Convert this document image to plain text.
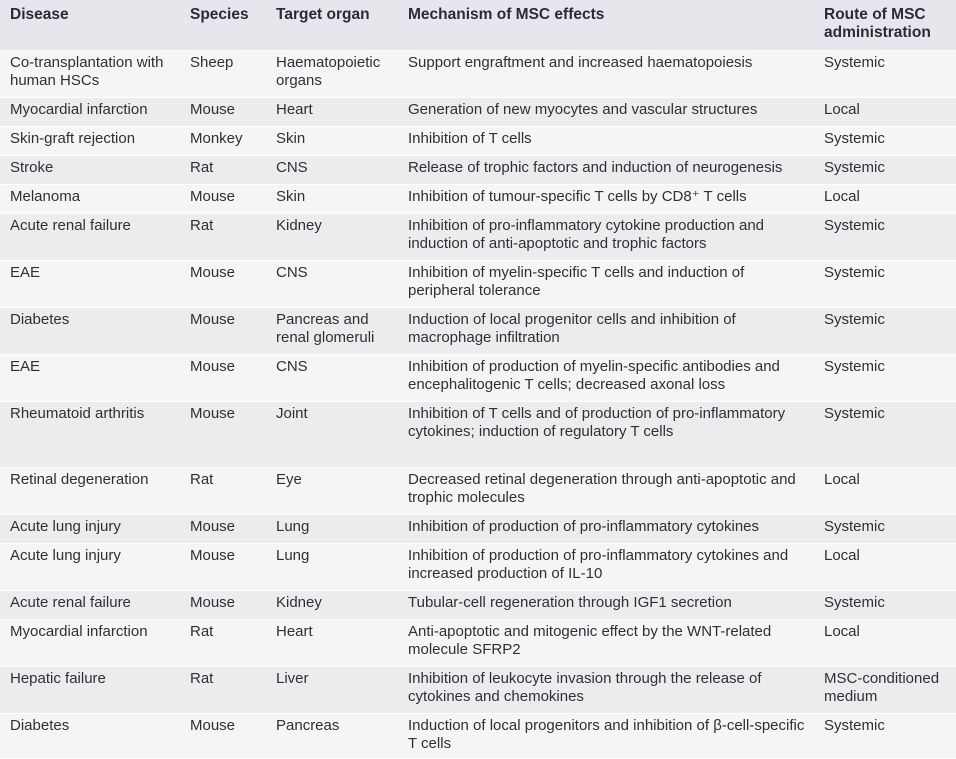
Disease	Species	Target organ	Mechanism of MSC effects	Route of MSC administration
Co-transplantation with human HSCs	Sheep	Haematopoietic organs	Support engraftment and increased haematopoiesis	Systemic
Myocardial infarction	Mouse	Heart	Generation of new myocytes and vascular structures	Local
Skin-graft rejection	Monkey	Skin	Inhibition of T cells	Systemic
Stroke	Rat	CNS	Release of trophic factors and induction of neurogenesis	Systemic
Melanoma	Mouse	Skin	Inhibition of tumour-specific T cells by CD8⁺ T cells	Local
Acute renal failure	Rat	Kidney	Inhibition of pro-inflammatory cytokine production and induction of anti-apoptotic and trophic factors	Systemic
EAE	Mouse	CNS	Inhibition of myelin-specific T cells and induction of peripheral tolerance	Systemic
Diabetes	Mouse	Pancreas and renal glomeruli	Induction of local progenitor cells and inhibition of macrophage infiltration	Systemic
EAE	Mouse	CNS	Inhibition of production of myelin-specific antibodies and encephalitogenic T cells; decreased axonal loss	Systemic
Rheumatoid arthritis	Mouse	Joint	Inhibition of T cells and of production of pro-inflammatory cytokines; induction of regulatory T cells	Systemic
Retinal degeneration	Rat	Eye	Decreased retinal degeneration through anti-apoptotic and trophic molecules	Local
Acute lung injury	Mouse	Lung	Inhibition of production of pro-inflammatory cytokines	Systemic
Acute lung injury	Mouse	Lung	Inhibition of production of pro-inflammatory cytokines and increased production of IL-10	Local
Acute renal failure	Mouse	Kidney	Tubular-cell regeneration through IGF1 secretion	Systemic
Myocardial infarction	Rat	Heart	Anti-apoptotic and mitogenic effect by the WNT-related molecule SFRP2	Local
Hepatic failure	Rat	Liver	Inhibition of leukocyte invasion through the release of cytokines and chemokines	MSC-conditioned medium
Diabetes	Mouse	Pancreas	Induction of local progenitors and inhibition of β-cell-specific T cells	Systemic
